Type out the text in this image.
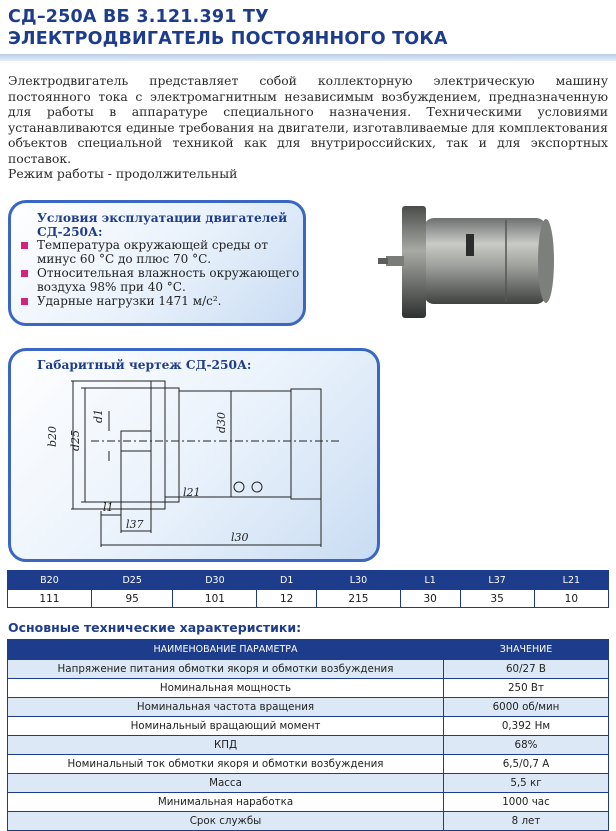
СД–250А ВБ 3.121.391 ТУ
ЭЛЕКТРОДВИГАТЕЛЬ ПОСТОЯННОГО ТОКА
Электродвигатель представляет собой коллекторную электрическую машину постоянного тока с электромагнитным независимым возбуждением, предназначенную для работы в аппаратуре специального назначения. Техническими условиями устанавливаются единые требования на двигатели, изготавливаемые для комплектования объектов специальной техникой как для внутрироссийских, так и для экспортных поставок.
Режим работы - продолжительный
Условия эксплуатации двигателей
СД-250А:
Температура окружающей среды от минус 60 °С до плюс 70 °С.
Относительная влажность окружающего воздуха 98% при 40 °С.
Ударные нагрузки 1471 м/с².
Габаритный чертеж СД-250А:
b20 d25
d1	d30
l1
l37
l21
l30
B20	D25	D30	D1	L30	L1	L37	L21
111	95	101	12	215	30	35	10
Основные технические характеристики:
НАИМЕНОВАНИЕ ПАРАМЕТРА	ЗНАЧЕНИЕ
Напряжение питания обмотки якоря и обмотки возбуждения	60/27 В
Номинальная мощность	250 Вт
Номинальная частота вращения	6000 об/мин
Номинальный вращающий момент	0,392 Нм
КПД	68%
Номинальный ток обмотки якоря и обмотки возбуждения	6,5/0,7 А
Масса	5,5 кг
Минимальная наработка	1000 час
Срок службы	8 лет
